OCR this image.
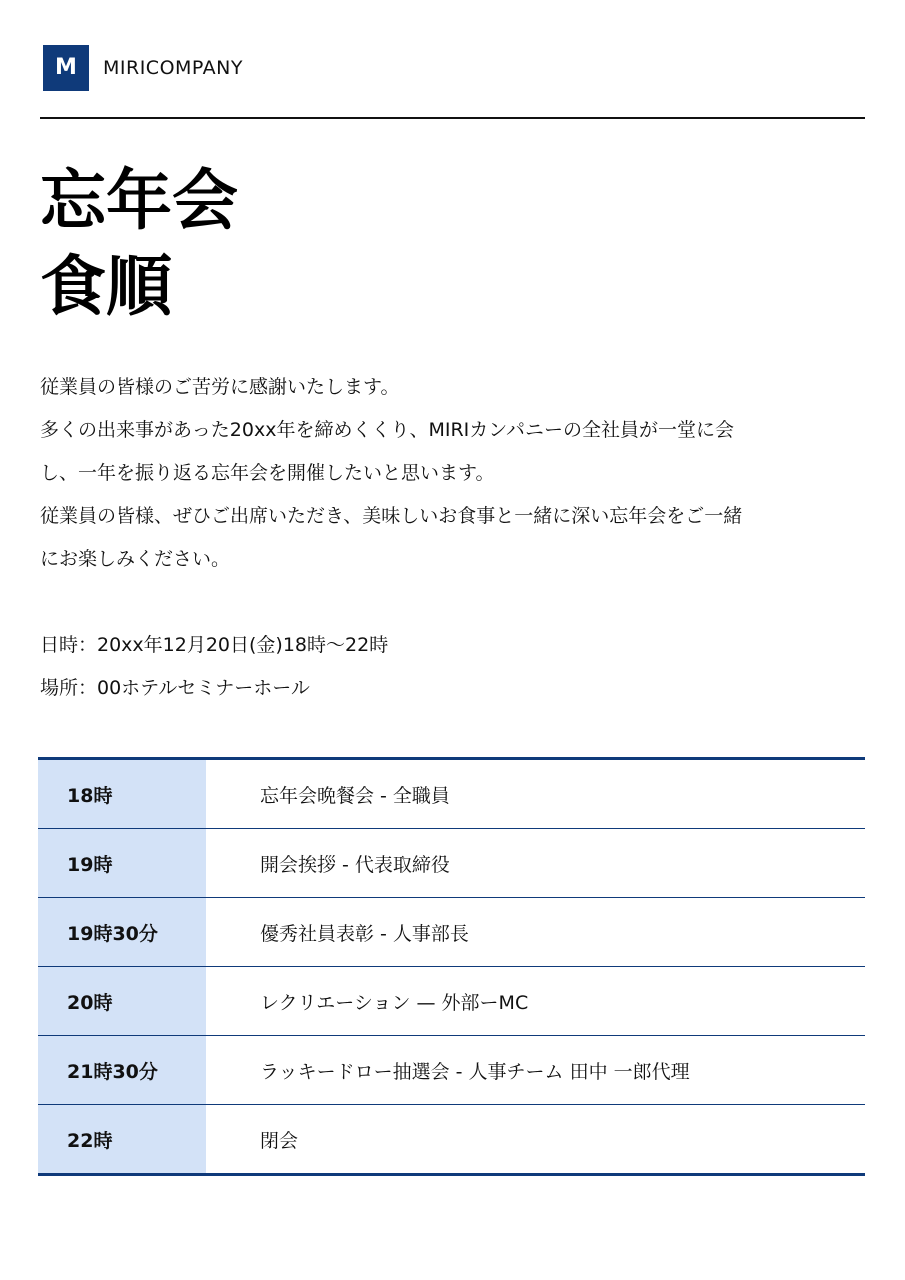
M	MIRICOMPANY
忘年会
食順

従業員の皆様のご苦労に感謝いたします。

多くの出来事があった20xx年を締めくくり、MIRIカンパニーの全社員が一堂に会

し、一年を振り返る忘年会を開催したいと思います。

従業員の皆様、ぜひご出席いただき、美味しいお食事と一緒に深い忘年会をご一緒

にお楽しみください。

日時：20xx年12月20日(金)18時〜22時

場所：00ホテルセミナーホール

18時	忘年会晩餐会 - 全職員
19時	開会挨拶 - 代表取締役
19時30分	優秀社員表彰 - 人事部長
20時	レクリエーション — 外部ーMC
21時30分	ラッキードロー抽選会 - 人事チーム 田中 一郎代理
22時	閉会
